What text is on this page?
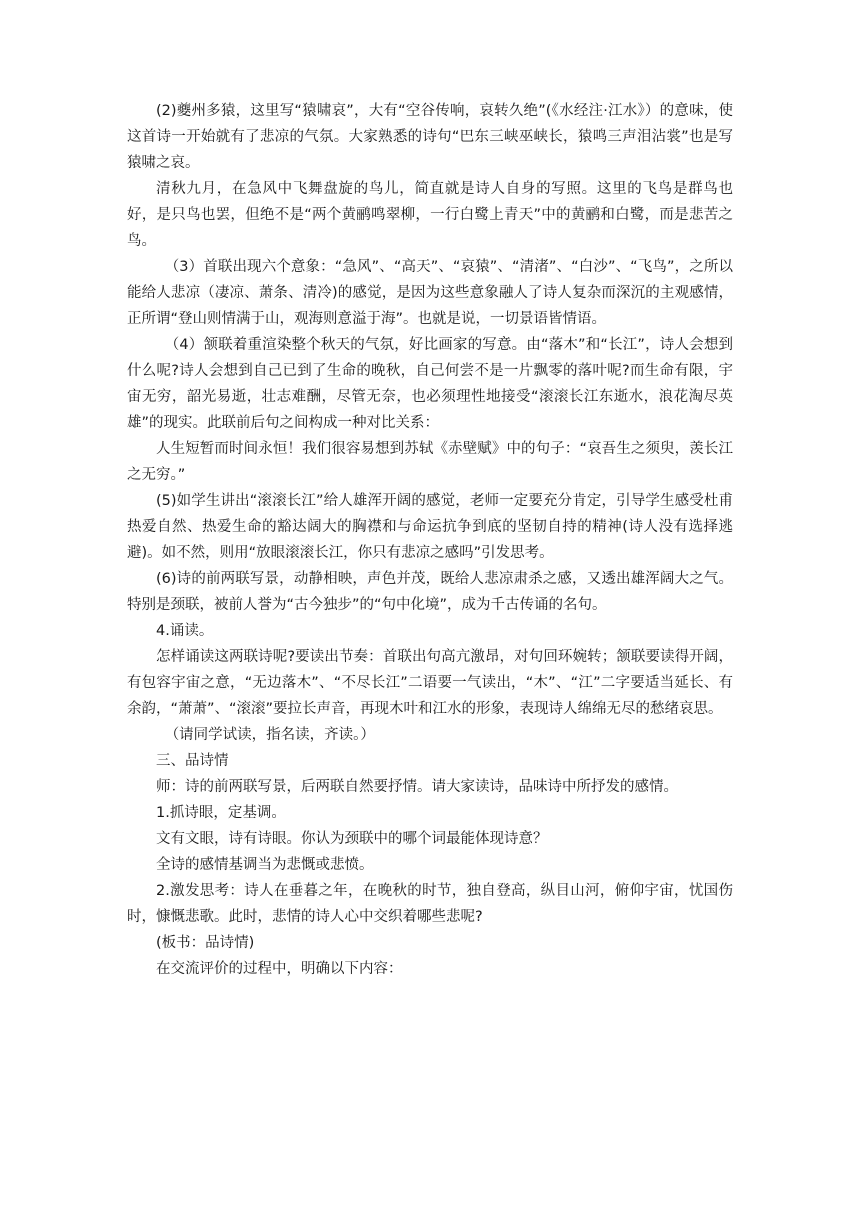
(2)夔州多猿，这里写“猿啸哀”，大有“空谷传响，哀转久绝”(《水经注·江水》）的意味，使这首诗一开始就有了悲凉的气氛。大家熟悉的诗句“巴东三峡巫峡长，猿鸣三声泪沾裳”也是写猿啸之哀。

清秋九月，在急风中飞舞盘旋的鸟儿，简直就是诗人自身的写照。这里的飞鸟是群鸟也好，是只鸟也罢，但绝不是“两个黄鹂鸣翠柳，一行白鹭上青天”中的黄鹂和白鹭，而是悲苦之鸟。

（3）首联出现六个意象：“急风”、“高天”、“哀猿”、“清渚”、“白沙”、“飞鸟”，之所以能给人悲凉（凄凉、萧条、清冷)的感觉，是因为这些意象融人了诗人复杂而深沉的主观感情，正所谓“登山则情满于山，观海则意溢于海”。也就是说，一切景语皆情语。

（4）颔联着重渲染整个秋天的气氛，好比画家的写意。由“落木”和“长江”，诗人会想到什么呢?诗人会想到自己已到了生命的晚秋，自己何尝不是一片飘零的落叶呢?而生命有限，宇宙无穷，韶光易逝，壮志难酬，尽管无奈，也必须理性地接受“滚滚长江东逝水，浪花淘尽英雄”的现实。此联前后句之间构成一种对比关系：

人生短暂而时间永恒！我们很容易想到苏轼《赤壁赋》中的句子：“哀吾生之须臾，羡长江之无穷。”

(5)如学生讲出“滚滚长江”给人雄浑开阔的感觉，老师一定要充分肯定，引导学生感受杜甫热爱自然、热爱生命的豁达阔大的胸襟和与命运抗争到底的坚韧自持的精神(诗人没有选择逃避)。如不然，则用“放眼滚滚长江，你只有悲凉之感吗”引发思考。

(6)诗的前两联写景，动静相映，声色并茂，既给人悲凉肃杀之感，又透出雄浑阔大之气。特别是颈联，被前人誉为“古今独步”的“句中化境”，成为千古传诵的名句。

4.诵读。

怎样诵读这两联诗呢?要读出节奏：首联出句高亢激昂，对句回环婉转；颔联要读得开阔，有包容宇宙之意，“无边落木”、“不尽长江”二语要一气读出，“木”、“江”二字要适当延长、有余韵，“萧萧”、“滚滚”要拉长声音，再现木叶和江水的形象，表现诗人绵绵无尽的愁绪哀思。

（请同学试读，指名读，齐读。）

三、品诗情

师：诗的前两联写景，后两联自然要抒情。请大家读诗，品味诗中所抒发的感情。

1.抓诗眼，定基调。

文有文眼，诗有诗眼。你认为颈联中的哪个词最能体现诗意？

全诗的感情基调当为悲慨或悲愤。

2.激发思考：诗人在垂暮之年，在晚秋的时节，独自登高，纵目山河，俯仰宇宙，忧国伤时，慷慨悲歌。此时，悲情的诗人心中交织着哪些悲呢?

(板书：品诗情)

在交流评价的过程中，明确以下内容：
